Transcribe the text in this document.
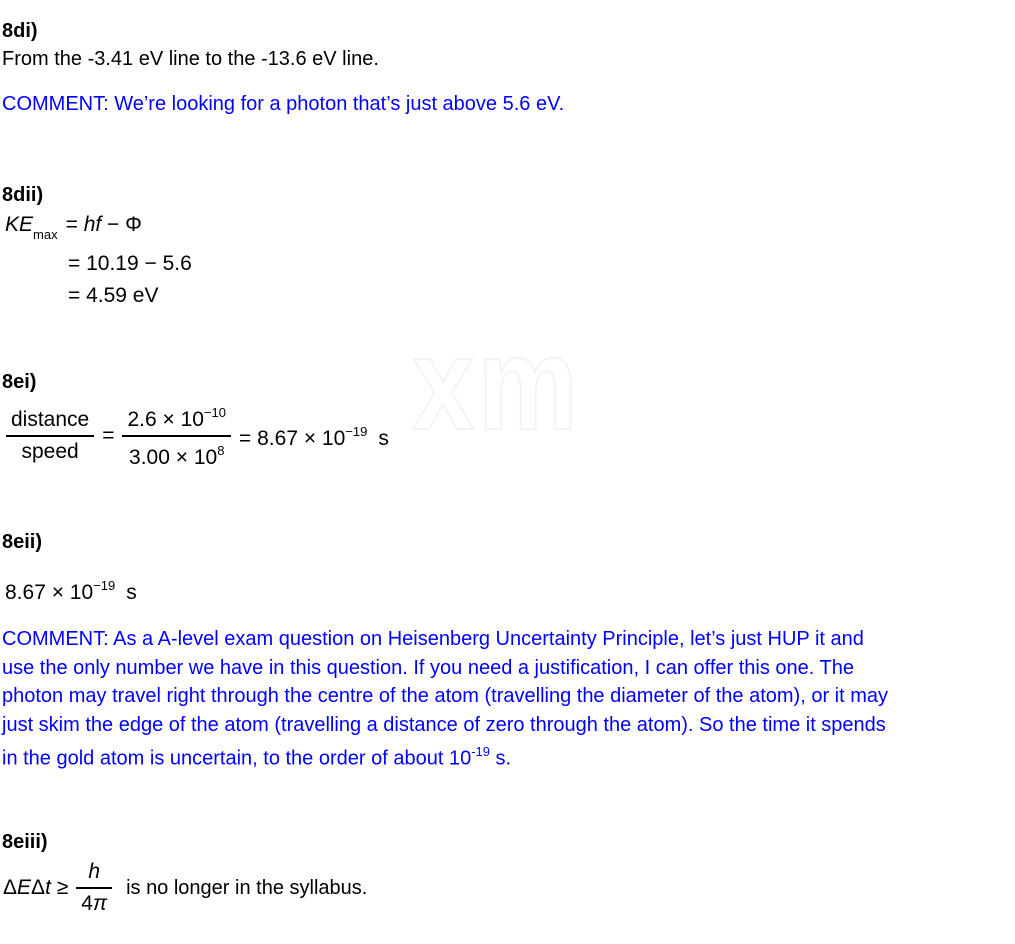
xm
8di)
From the -3.41 eV line to the -13.6 eV line.
COMMENT: We’re looking for a photon that’s just above 5.6 eV.
8dii)
$KE_{max}$ = hf − Φ
= 10.19 − 5.6
= 4.59 eV
8ei)
$\frac{\text{distance}}{\text{speed}} = \frac{2.6 \times 10^{-10}}{3.00 \times 10^8} = 8.67 \times 10^{-19}$ s
8eii)
$8.67 \times 10^{-19}$ s
COMMENT: As a A-level exam question on Heisenberg Uncertainty Principle, let’s just HUP it and
use the only number we have in this question. If you need a justification, I can offer this one. The
photon may travel right through the centre of the atom (travelling the diameter of the atom), or it may
just skim the edge of the atom (travelling a distance of zero through the atom). So the time it spends
in the gold atom is uncertain, to the order of about $10^{-19}$ s.
8eiii)
$\Delta E\Delta t \ge \frac{h}{4\pi}$ is no longer in the syllabus.
